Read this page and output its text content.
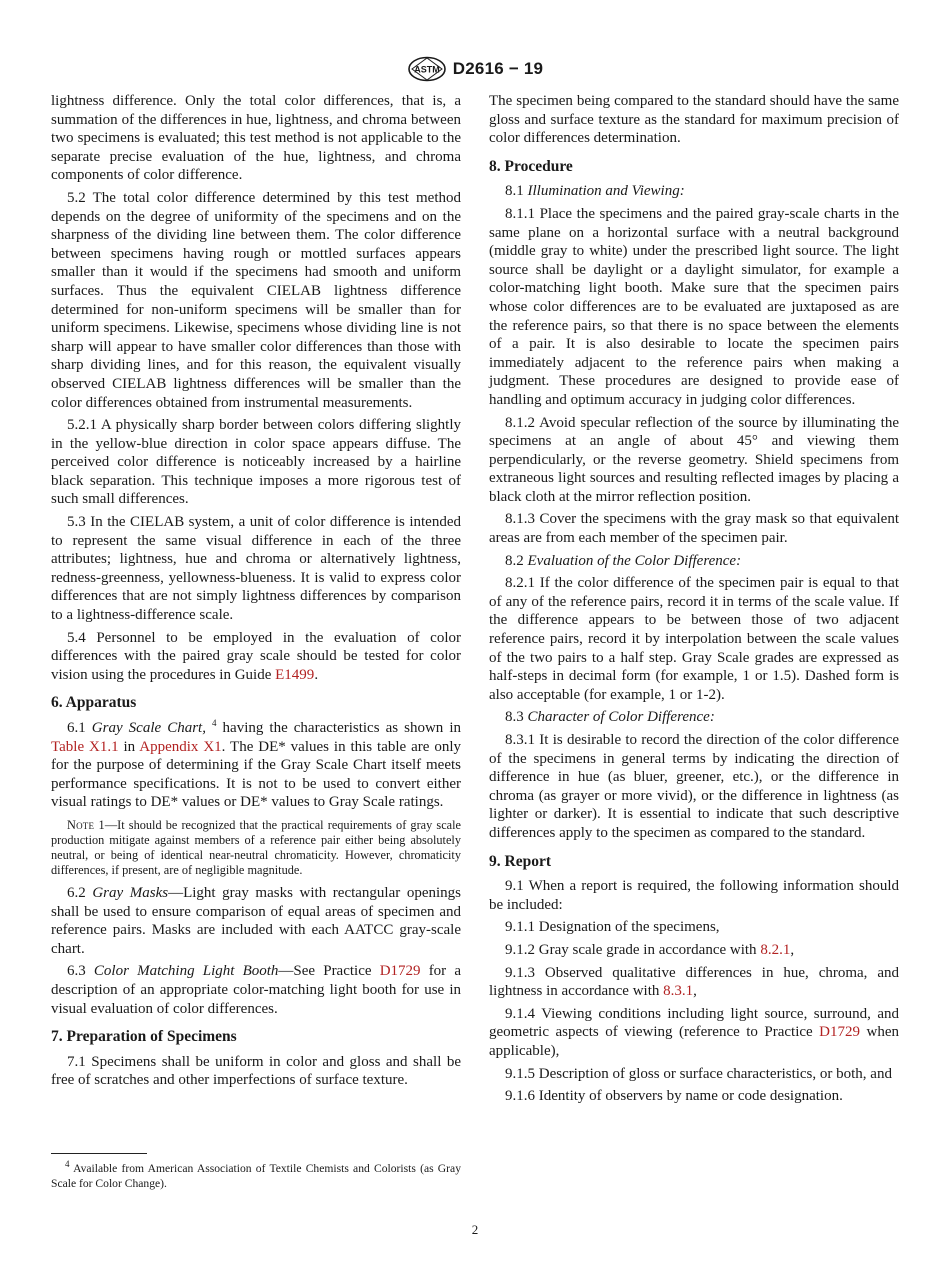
ASTM D2616 − 19

lightness difference. Only the total color differences, that is, a summation of the differences in hue, lightness, and chroma between two specimens is evaluated; this test method is not applicable to the separate precise evaluation of the hue, lightness, and chroma components of color difference.

5.2 The total color difference determined by this test method depends on the degree of uniformity of the specimens and on the sharpness of the dividing line between them. The color difference between specimens having rough or mottled surfaces appears smaller than it would if the specimens had smooth and uniform surfaces. Thus the equivalent CIELAB lightness difference determined for non-uniform specimens will be smaller than for uniform specimens. Likewise, specimens whose dividing line is not sharp will appear to have smaller color differences than those with sharp dividing lines, and for this reason, the equivalent visually observed CIELAB lightness differences will be smaller than the color differences obtained from instrumental measurements.

5.2.1 A physically sharp border between colors differing slightly in the yellow-blue direction in color space appears diffuse. The perceived color difference is noticeably increased by a hairline black separation. This technique imposes a more rigorous test of such small differences.

5.3 In the CIELAB system, a unit of color difference is intended to represent the same visual difference in each of the three attributes; lightness, hue and chroma or alternatively lightness, redness-greenness, yellowness-blueness. It is valid to express color differences that are not simply lightness differences by comparison to a lightness-difference scale.

5.4 Personnel to be employed in the evaluation of color differences with the paired gray scale should be tested for color vision using the procedures in Guide E1499.

6. Apparatus

6.1 Gray Scale Chart, $^4$ having the characteristics as shown in Table X1.1 in Appendix X1. The DE* values in this table are only for the purpose of determining if the Gray Scale Chart itself meets performance specifications. It is not to be used to convert either visual ratings to DE* values or DE* values to Gray Scale ratings.

Note 1—It should be recognized that the practical requirements of gray scale production mitigate against members of a reference pair either being absolutely neutral, or being of identical near-neutral chromaticity. However, chromaticity differences, if present, are of negligible magnitude.

6.2 Gray Masks—Light gray masks with rectangular openings shall be used to ensure comparison of equal areas of specimen and reference pairs. Masks are included with each AATCC gray-scale chart.

6.3 Color Matching Light Booth—See Practice D1729 for a description of an appropriate color-matching light booth for use in visual evaluation of color differences.

7. Preparation of Specimens

7.1 Specimens shall be uniform in color and gloss and shall be free of scratches and other imperfections of surface texture.

The specimen being compared to the standard should have the same gloss and surface texture as the standard for maximum precision of color differences determination.

8. Procedure

8.1 Illumination and Viewing:

8.1.1 Place the specimens and the paired gray-scale charts in the same plane on a horizontal surface with a neutral background (middle gray to white) under the prescribed light source. The light source shall be daylight or a daylight simulator, for example a color-matching light booth. Make sure that the specimen pairs whose color differences are to be evaluated are juxtaposed as are the reference pairs, so that there is no space between the elements of a pair. It is also desirable to locate the specimen pairs immediately adjacent to the reference pairs when making a judgment. These procedures are designed to provide ease of handling and optimum accuracy in judging color differences.

8.1.2 Avoid specular reflection of the source by illuminating the specimens at an angle of about 45° and viewing them perpendicularly, or the reverse geometry. Shield specimens from extraneous light sources and resulting reflected images by placing a black cloth at the mirror reflection position.

8.1.3 Cover the specimens with the gray mask so that equivalent areas are from each member of the specimen pair.

8.2 Evaluation of the Color Difference:

8.2.1 If the color difference of the specimen pair is equal to that of any of the reference pairs, record it in terms of the scale value. If the difference appears to be between those of two adjacent reference pairs, record it by interpolation between the scale values of the two pairs to a half step. Gray Scale grades are expressed as half-steps in decimal form (for example, 1 or 1.5). Dashed form is also acceptable (for example, 1 or 1-2).

8.3 Character of Color Difference:

8.3.1 It is desirable to record the direction of the color difference of the specimens in general terms by indicating the direction of difference in hue (as bluer, greener, etc.), or the difference in chroma (as grayer or more vivid), or the difference in lightness (as lighter or darker). It is essential to indicate that such descriptive differences apply to the specimen as compared to the standard.

9. Report

9.1 When a report is required, the following information should be included:

9.1.1 Designation of the specimens,

9.1.2 Gray scale grade in accordance with 8.2.1,

9.1.3 Observed qualitative differences in hue, chroma, and lightness in accordance with 8.3.1,

9.1.4 Viewing conditions including light source, surround, and geometric aspects of viewing (reference to Practice D1729 when applicable),

9.1.5 Description of gloss or surface characteristics, or both, and

9.1.6 Identity of observers by name or code designation.

$^4$ Available from American Association of Textile Chemists and Colorists (as Gray Scale for Color Change).
2
